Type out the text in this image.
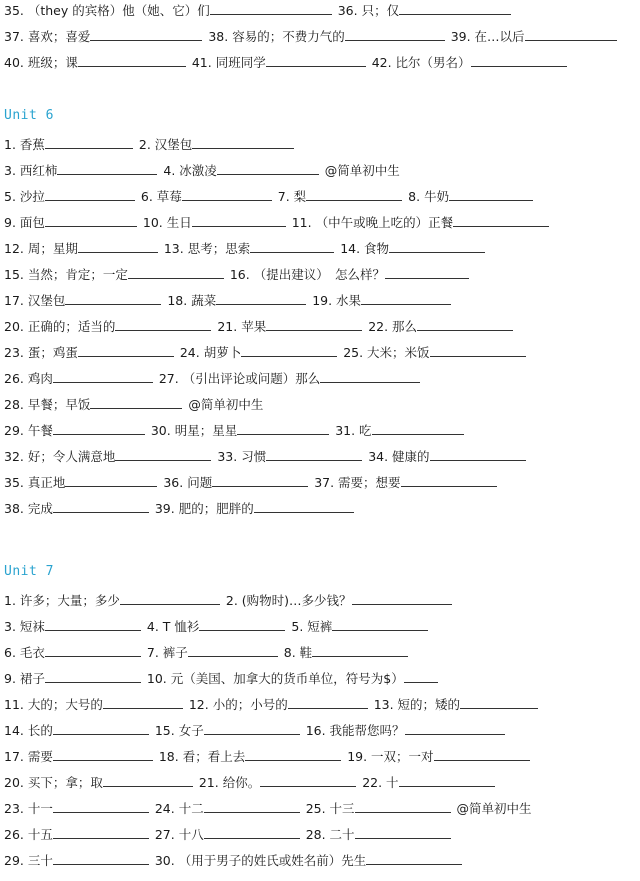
35. （they 的宾格）他（她、它）们	36. 只；仅
37. 喜欢；喜爱	38. 容易的；不费力气的	39. 在…以后
40. 班级；课	41. 同班同学	42. 比尔（男名）
Unit 6
1. 香蕉	2. 汉堡包
3. 西红柿	4. 冰激凌	@简单初中生
5. 沙拉	6. 草莓	7. 梨	8. 牛奶
9. 面包	10. 生日	11. （中午或晚上吃的）正餐
12. 周；星期	13. 思考；思索	14. 食物
15. 当然；肯定；一定	16. （提出建议）　怎么样？
17. 汉堡包	18. 蔬菜	19. 水果
20. 正确的；适当的	21. 苹果	22. 那么
23. 蛋；鸡蛋	24. 胡萝卜	25. 大米；米饭
26. 鸡肉	27. （引出评论或问题）那么
28. 早餐；早饭	@简单初中生
29. 午餐	30. 明星；星星	31. 吃
32. 好；令人满意地	33. 习惯	34. 健康的
35. 真正地	36. 问题	37. 需要；想要
38. 完成	39. 肥的；肥胖的
Unit 7
1. 许多；大量；多少	2. (购物时)…多少钱？
3. 短袜	4. T 恤衫	5. 短裤
6. 毛衣	7. 裤子	8. 鞋
9. 裙子	10. 元（美国、加拿大的货币单位，符号为$）
11. 大的；大号的	12. 小的；小号的	13. 短的；矮的
14. 长的	15. 女子	16. 我能帮您吗？
17. 需要	18. 看；看上去	19. 一双；一对
20. 买下；拿；取	21. 给你。	22. 十
23. 十一	24. 十二	25. 十三	@简单初中生
26. 十五	27. 十八	28. 二十
29. 三十	30. （用于男子的姓氏或姓名前）先生
